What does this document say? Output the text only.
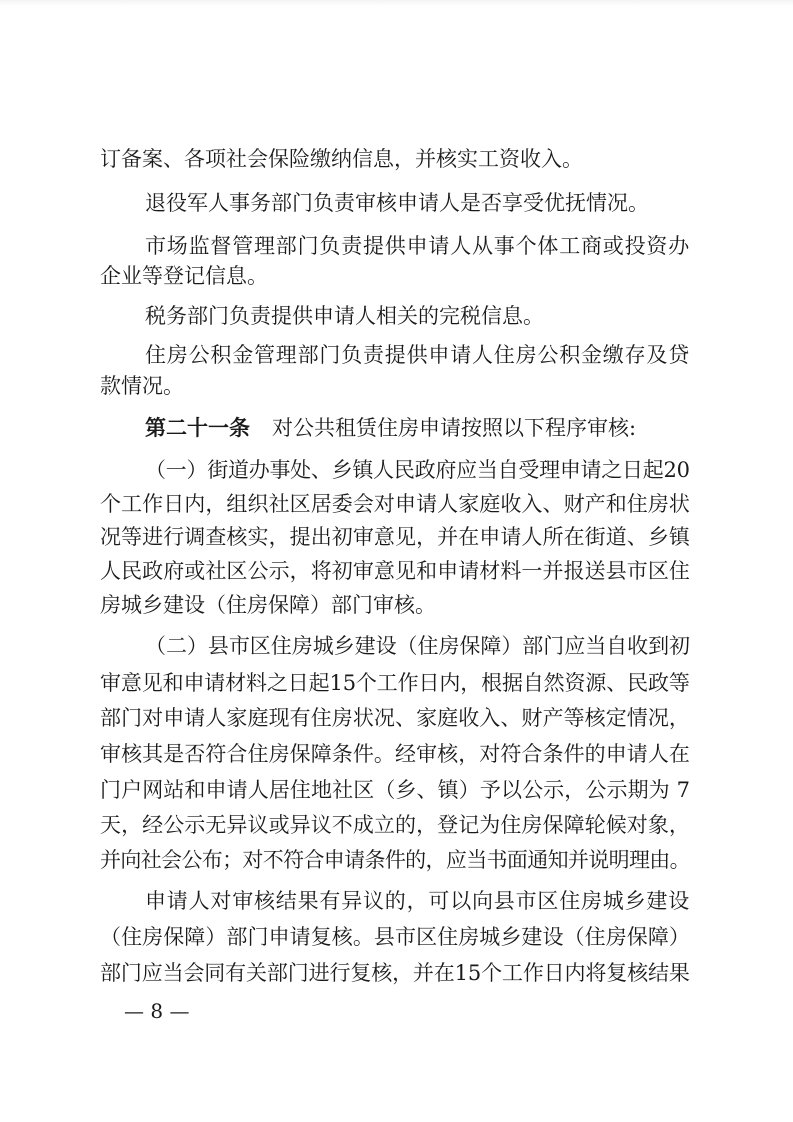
订备案、各项社会保险缴纳信息，并核实工资收入。
退役军人事务部门负责审核申请人是否享受优抚情况。
市场监督管理部门负责提供申请人从事个体工商或投资办
企业等登记信息。
税务部门负责提供申请人相关的完税信息。
住房公积金管理部门负责提供申请人住房公积金缴存及贷
款情况。
第二十一条 对公共租赁住房申请按照以下程序审核:
（一）街道办事处、乡镇人民政府应当自受理申请之日起20
个工作日内，组织社区居委会对申请人家庭收入、财产和住房状
况等进行调查核实，提出初审意见，并在申请人所在街道、乡镇
人民政府或社区公示，将初审意见和申请材料一并报送县市区住
房城乡建设（住房保障）部门审核。
（二）县市区住房城乡建设（住房保障）部门应当自收到初
审意见和申请材料之日起15个工作日内，根据自然资源、民政等
部门对申请人家庭现有住房状况、家庭收入、财产等核定情况，
审核其是否符合住房保障条件。经审核，对符合条件的申请人在
门户网站和申请人居住地社区（乡、镇）予以公示，公示期为 7
天，经公示无异议或异议不成立的，登记为住房保障轮候对象，
并向社会公布；对不符合申请条件的，应当书面通知并说明理由。
申请人对审核结果有异议的，可以向县市区住房城乡建设
（住房保障）部门申请复核。县市区住房城乡建设（住房保障）
部门应当会同有关部门进行复核，并在15个工作日内将复核结果
— 8 —
